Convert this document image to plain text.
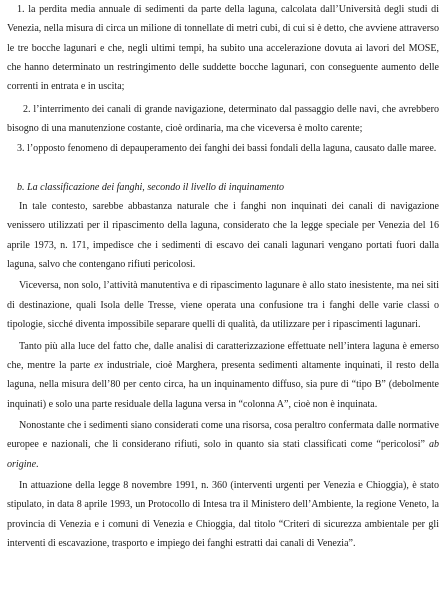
1. la perdita media annuale di sedimenti da parte della laguna, calcolata dall’Università degli studi di Venezia, nella misura di circa un milione di tonnellate di metri cubi, di cui si è detto, che avviene attraverso le tre bocche lagunari e che, negli ultimi tempi, ha subito una accelerazione dovuta ai lavori del MOSE, che hanno determinato un restringimento delle suddette bocche lagunari, con conseguente aumento delle correnti in entrata e in uscita;

2. l’interrimento dei canali di grande navigazione, determinato dal passaggio delle navi, che avrebbero bisogno di una manutenzione costante, cioè ordinaria, ma che viceversa è molto carente;

3. l’opposto fenomeno di depauperamento dei fanghi dei bassi fondali della laguna, causato dalle maree.

b. La classificazione dei fanghi, secondo il livello di inquinamento

In tale contesto, sarebbe abbastanza naturale che i fanghi non inquinati dei canali di navigazione venissero utilizzati per il ripascimento della laguna, considerato che la legge speciale per Venezia del 16 aprile 1973, n. 171, impedisce che i sedimenti di escavo dei canali lagunari vengano portati fuori dalla laguna, salvo che contengano rifiuti pericolosi.

Viceversa, non solo, l’attività manutentiva e di ripascimento lagunare è allo stato inesistente, ma nei siti di destinazione, quali Isola delle Tresse, viene operata una confusione tra i fanghi delle varie classi o tipologie, sicché diventa impossibile separare quelli di qualità, da utilizzare per i ripascimenti lagunari.

Tanto più alla luce del fatto che, dalle analisi di caratterizzazione effettuate nell’intera laguna è emerso che, mentre la parte ex industriale, cioè Marghera, presenta sedimenti altamente inquinati, il resto della laguna, nella misura dell’80 per cento circa, ha un inquinamento diffuso, sia pure di “tipo B” (debolmente inquinati) e solo una parte residuale della laguna versa in “colonna A”, cioè non è inquinata.

Nonostante che i sedimenti siano considerati come una risorsa, cosa peraltro confermata dalle normative europee e nazionali, che li considerano rifiuti, solo in quanto sia stati classificati come “pericolosi” ab origine.

In attuazione della legge 8 novembre 1991, n. 360 (interventi urgenti per Venezia e Chioggia), è stato stipulato, in data 8 aprile 1993, un Protocollo di Intesa tra il Ministero dell’Ambiente, la regione Veneto, la provincia di Venezia e i comuni di Venezia e Chioggia, dal titolo “Criteri di sicurezza ambientale per gli interventi di escavazione, trasporto e impiego dei fanghi estratti dai canali di Venezia”.
